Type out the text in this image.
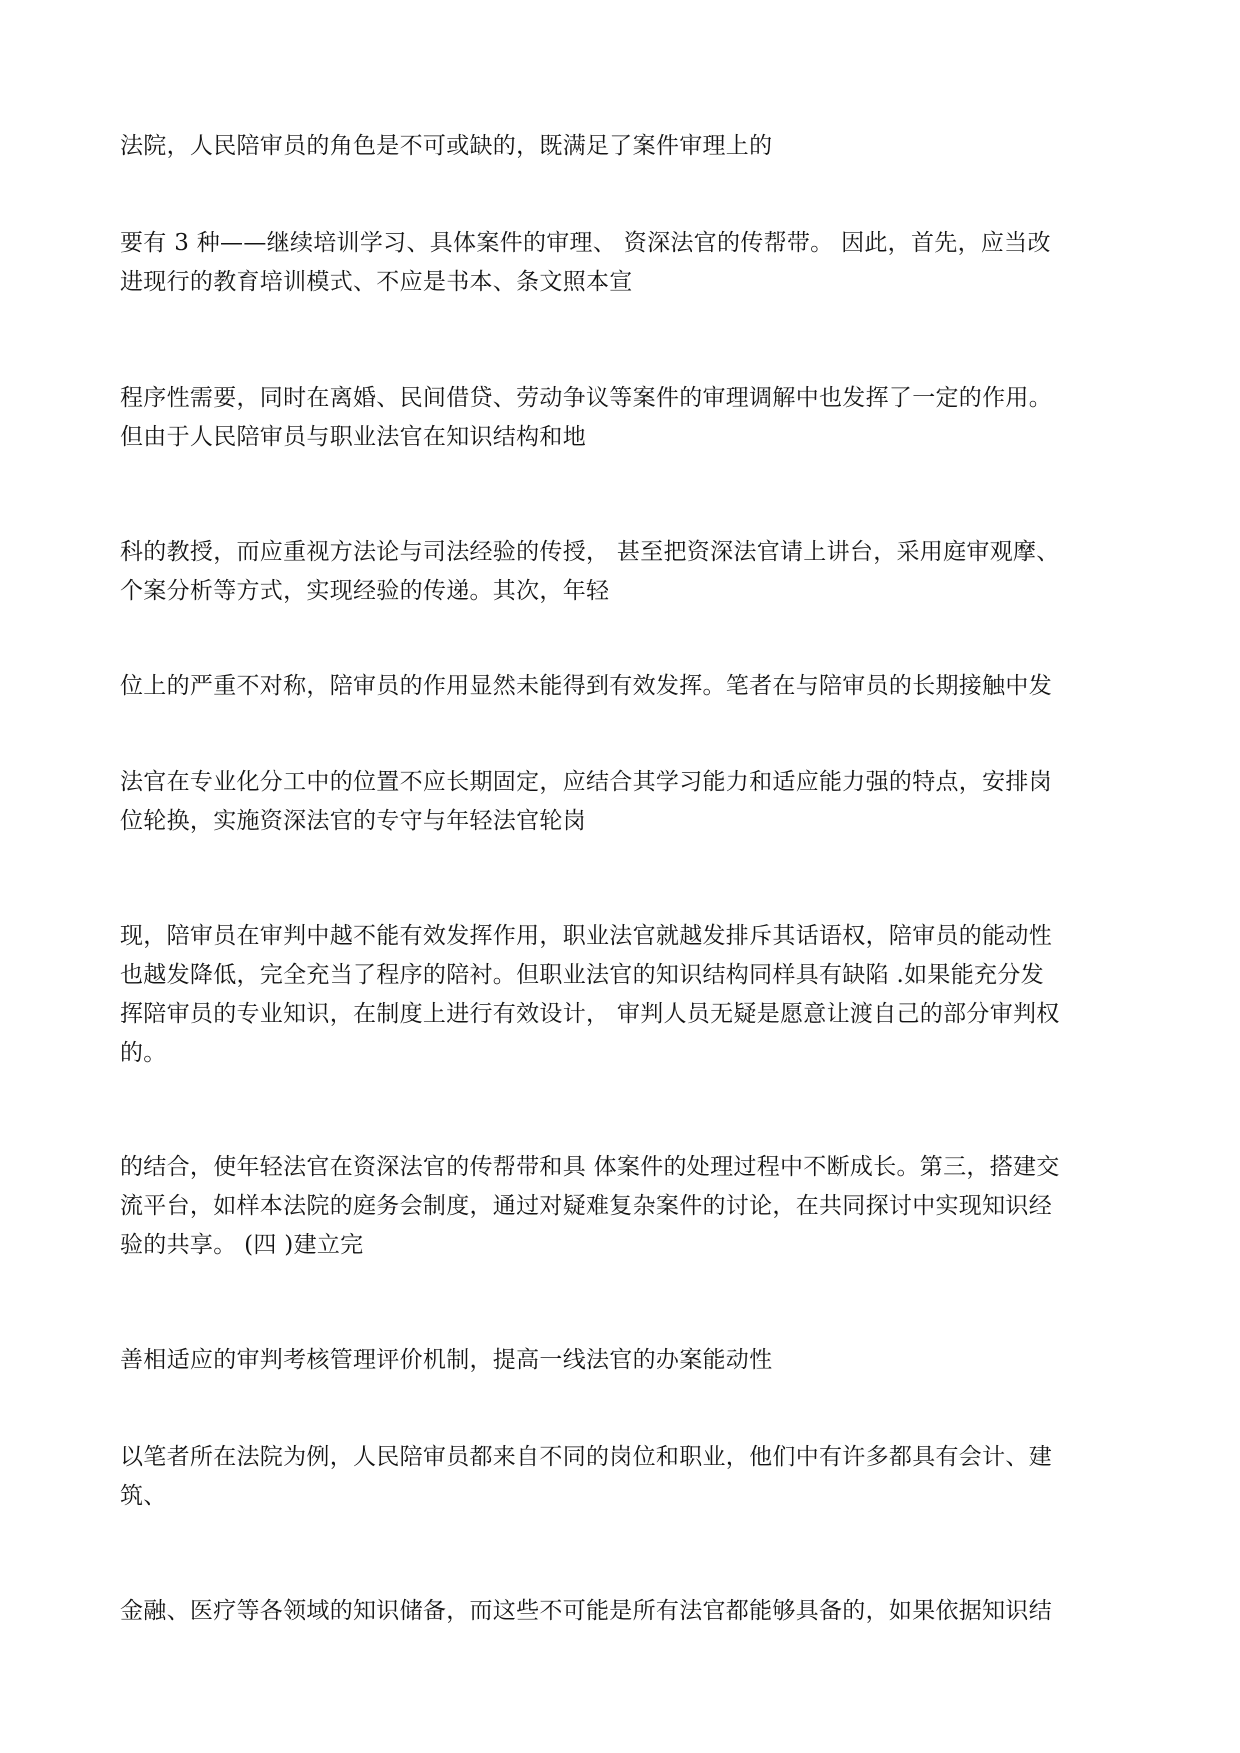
法院，人民陪审员的角色是不可或缺的，既满足了案件审理上的

要有 3 种——继续培训学习、具体案件的审理、 资深法官的传帮带。 因此，首先，应当改
进现行的教育培训模式、不应是书本、条文照本宣

程序性需要，同时在离婚、民间借贷、劳动争议等案件的审理调解中也发挥了一定的作用。
但由于人民陪审员与职业法官在知识结构和地

科的教授，而应重视方法论与司法经验的传授， 甚至把资深法官请上讲台，采用庭审观摩、
个案分析等方式，实现经验的传递。其次，年轻

位上的严重不对称，陪审员的作用显然未能得到有效发挥。笔者在与陪审员的长期接触中发

法官在专业化分工中的位置不应长期固定，应结合其学习能力和适应能力强的特点，安排岗
位轮换，实施资深法官的专守与年轻法官轮岗

现，陪审员在审判中越不能有效发挥作用，职业法官就越发排斥其话语权，陪审员的能动性
也越发降低，完全充当了程序的陪衬。但职业法官的知识结构同样具有缺陷 .如果能充分发
挥陪审员的专业知识，在制度上进行有效设计， 审判人员无疑是愿意让渡自己的部分审判权
的。

的结合，使年轻法官在资深法官的传帮带和具 体案件的处理过程中不断成长。第三，搭建交
流平台，如样本法院的庭务会制度，通过对疑难复杂案件的讨论，在共同探讨中实现知识经
验的共享。 (四 )建立完

善相适应的审判考核管理评价机制，提高一线法官的办案能动性

以笔者所在法院为例，人民陪审员都来自不同的岗位和职业，他们中有许多都具有会计、建
筑、

金融、医疗等各领域的知识储备，而这些不可能是所有法官都能够具备的，如果依据知识结
